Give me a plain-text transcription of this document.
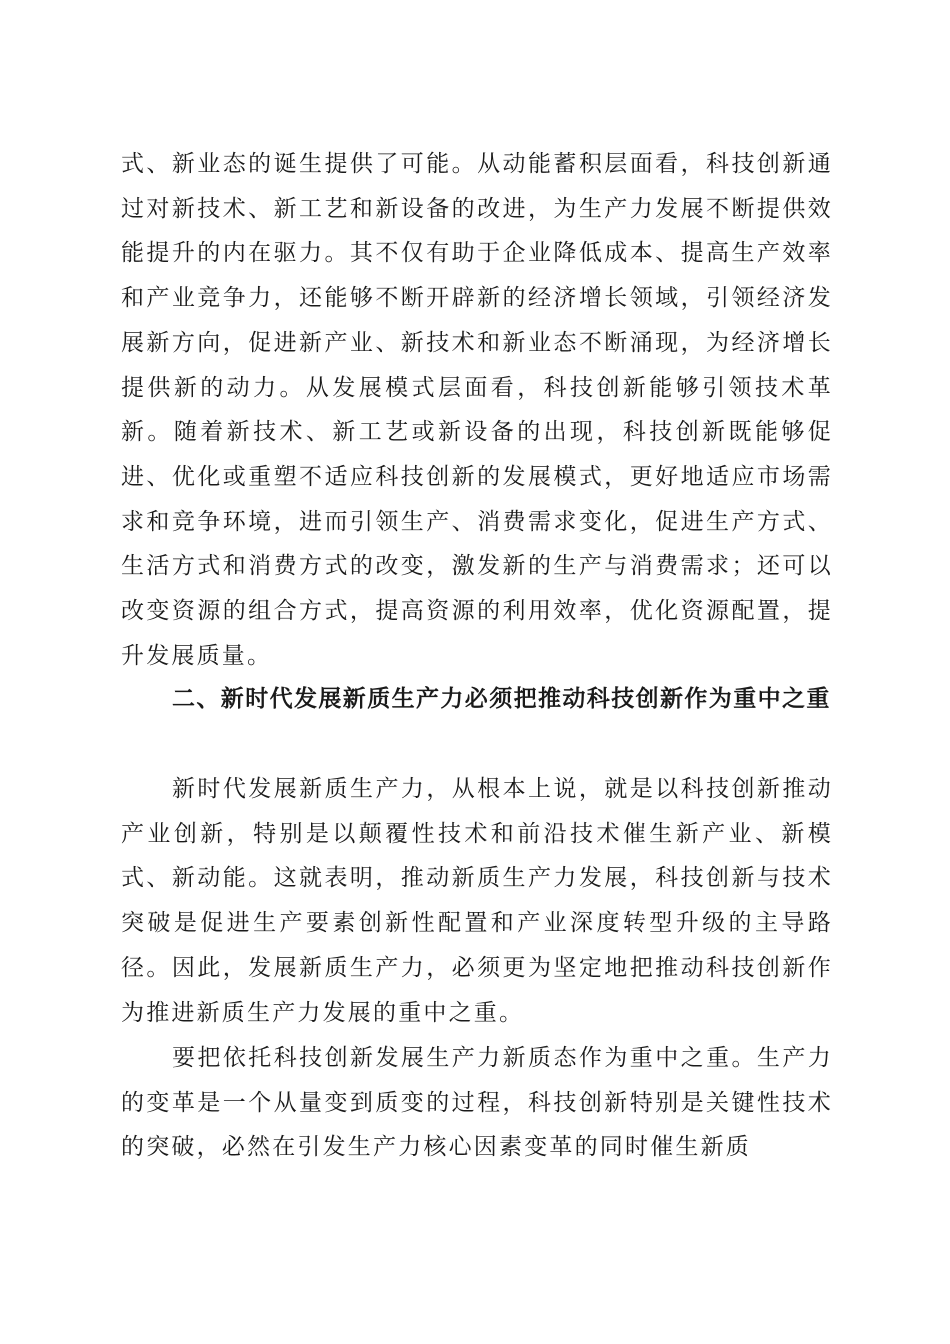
式、新业态的诞生提供了可能。从动能蓄积层面看，科技创新通过对新技术、新工艺和新设备的改进，为生产力发展不断提供效能提升的内在驱力。其不仅有助于企业降低成本、提高生产效率和产业竞争力，还能够不断开辟新的经济增长领域，引领经济发展新方向，促进新产业、新技术和新业态不断涌现，为经济增长提供新的动力。从发展模式层面看，科技创新能够引领技术革新。随着新技术、新工艺或新设备的出现，科技创新既能够促进、优化或重塑不适应科技创新的发展模式，更好地适应市场需求和竞争环境，进而引领生产、消费需求变化，促进生产方式、生活方式和消费方式的改变，激发新的生产与消费需求；还可以改变资源的组合方式，提高资源的利用效率，优化资源配置，提升发展质量。

二、新时代发展新质生产力必须把推动科技创新作为重中之重

新时代发展新质生产力，从根本上说，就是以科技创新推动产业创新，特别是以颠覆性技术和前沿技术催生新产业、新模式、新动能。这就表明，推动新质生产力发展，科技创新与技术突破是促进生产要素创新性配置和产业深度转型升级的主导路径。因此，发展新质生产力，必须更为坚定地把推动科技创新作为推进新质生产力发展的重中之重。

要把依托科技创新发展生产力新质态作为重中之重。生产力的变革是一个从量变到质变的过程，科技创新特别是关键性技术的突破，必然在引发生产力核心因素变革的同时催生新质
